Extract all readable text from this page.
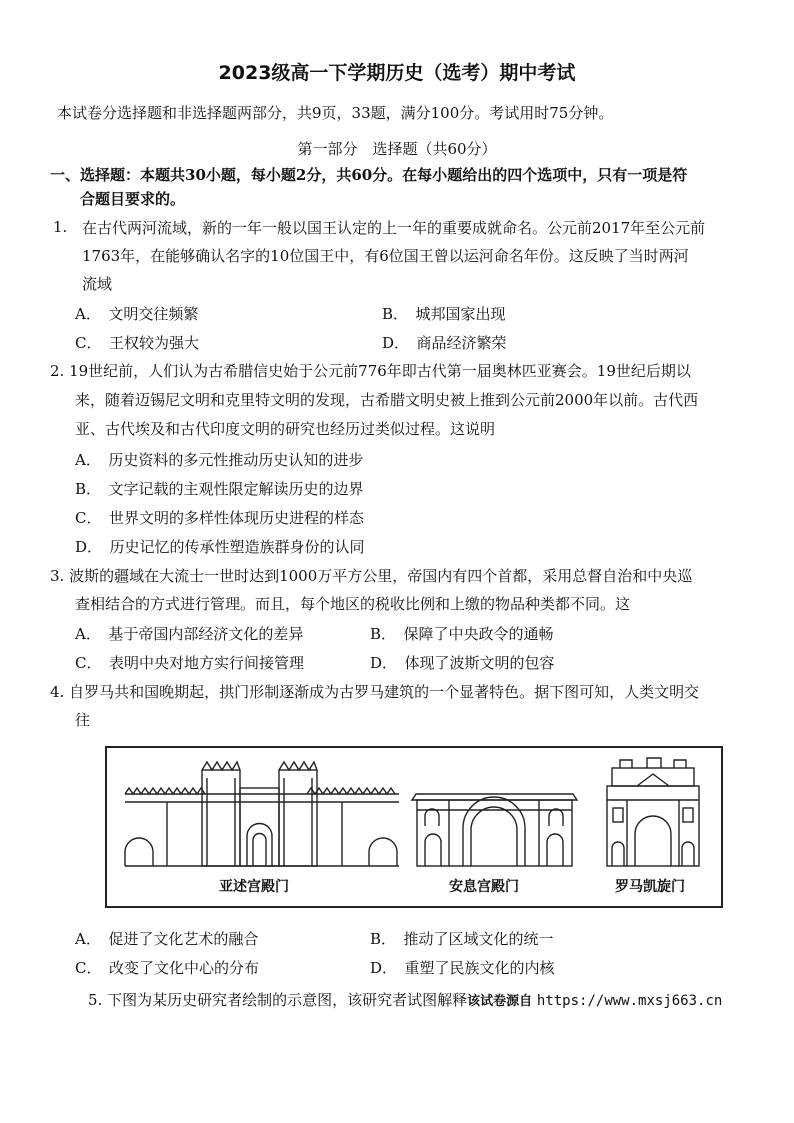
2023级高一下学期历史（选考）期中考试
本试卷分选择题和非选择题两部分，共9页，33题，满分100分。考试用时75分钟。
第一部分　选择题（共60分）
一、选择题：本题共30小题，每小题2分，共60分。在每小题给出的四个选项中，只有一项是符
合题目要求的。
1. 在古代两河流域，新的一年一般以国王认定的上一年的重要成就命名。公元前2017年至公元前
1763年，在能够确认名字的10位国王中，有6位国王曾以运河命名年份。这反映了当时两河
流域
A．　文明交往频繁	B．　城邦国家出现
C．　王权较为强大	D．　商品经济繁荣
2. 19世纪前，人们认为古希腊信史始于公元前776年即古代第一届奥林匹亚赛会。19世纪后期以
来，随着迈锡尼文明和克里特文明的发现，古希腊文明史被上推到公元前2000年以前。古代西
亚、古代埃及和古代印度文明的研究也经历过类似过程。这说明
A．　历史资料的多元性推动历史认知的进步
B．　文字记载的主观性限定解读历史的边界
C．　世界文明的多样性体现历史进程的样态
D．　历史记忆的传承性塑造族群身份的认同
3. 波斯的疆域在大流士一世时达到1000万平方公里，帝国内有四个首都，采用总督自治和中央巡
查相结合的方式进行管理。而且，每个地区的税收比例和上缴的物品种类都不同。这
A．　基于帝国内部经济文化的差异	B．　保障了中央政令的通畅
C．　表明中央对地方实行间接管理	D．　体现了波斯文明的包容
4. 自罗马共和国晚期起，拱门形制逐渐成为古罗马建筑的一个显著特色。据下图可知，人类文明交
往
亚述宫殿门	安息宫殿门	罗马凯旋门
A．　促进了文化艺术的融合	B．　推动了区域文化的统一
C．　改变了文化中心的分布	D．　重塑了民族文化的内核
5. 下图为某历史研究者绘制的示意图，该研究者试图解释该试卷源自 https://www.mxsj663.cn
